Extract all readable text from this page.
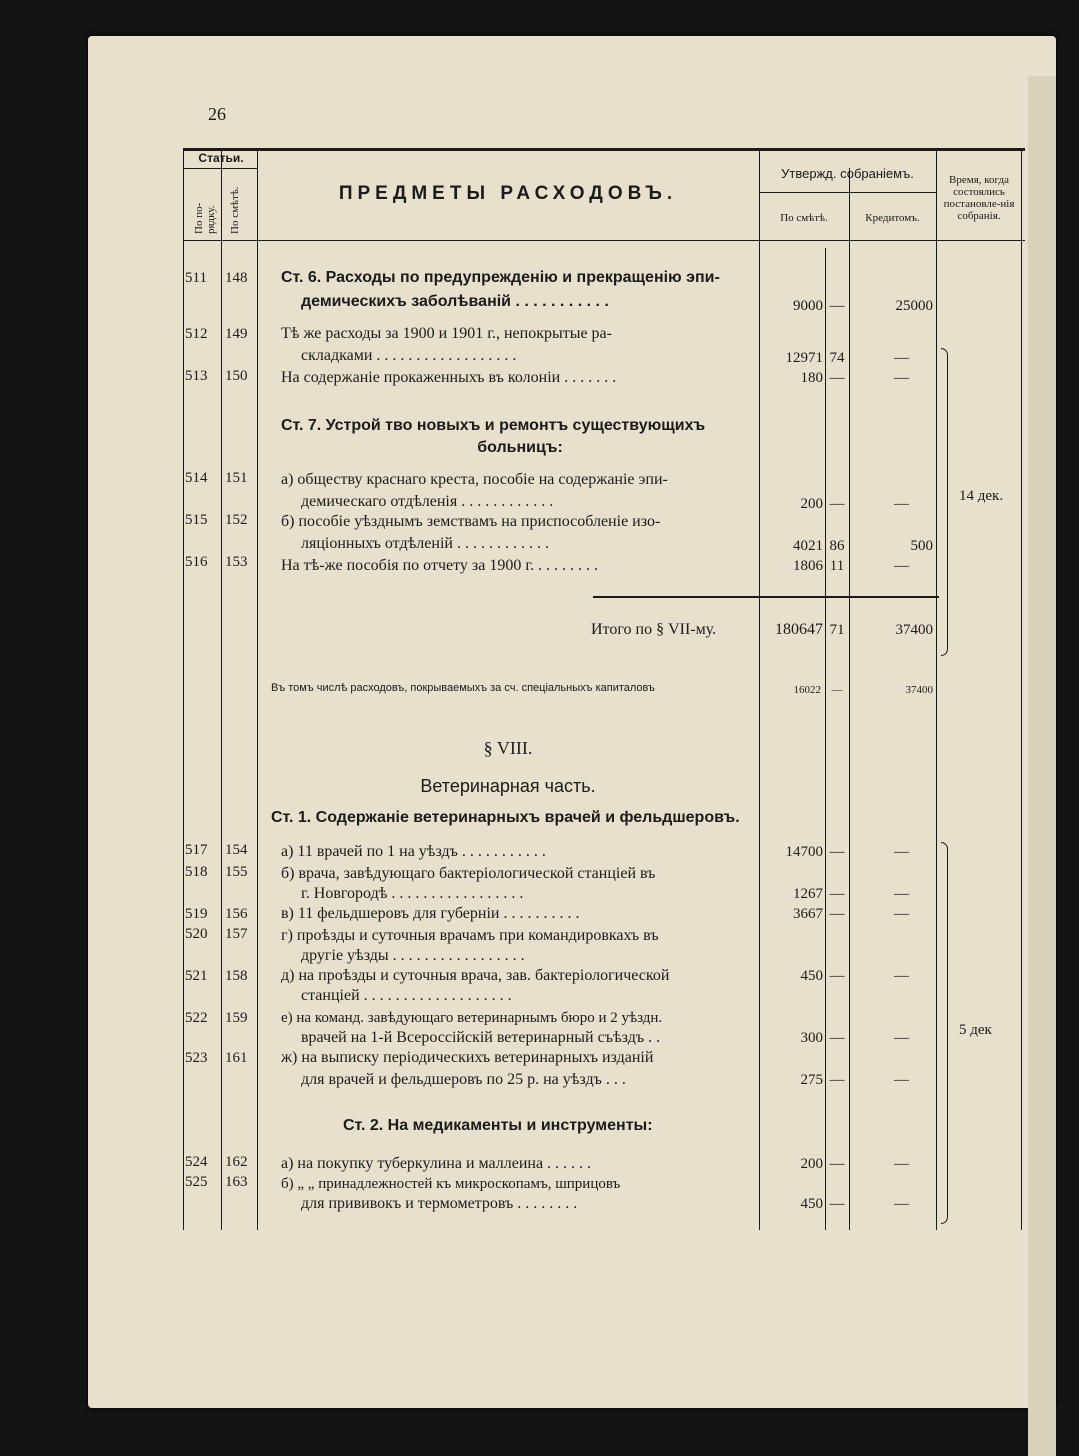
26
Статьи.
По по-рядку. По смѣтѣ.	ПРЕДМЕТЫ РАСХОДОВЪ.
Утвержд. собраніемъ.
По смѣтѣ.	Кредитомъ.
Время, когда состоялись постановле-нія собранія.
511 148 Ст. 6. Расходы по предупрежденію и прекращенію эпи-
демическихъ заболѣваній . . . . . . . . . . .	9000 —	25000
512 149 Тѣ же расходы за 1900 и 1901 г., непокрытые ра-
складками . . . . . . . . . . . . . . . . . .	12971 74	—
513 150 На содержаніе прокаженныхъ въ колоніи . . . . . . .	180 —	—
Ст. 7. Устрой тво новыхъ и ремонтъ существующихъ
больницъ:
514 151 а) обществу краснаго креста, пособіе на содержаніе эпи-
демическаго отдѣленія . . . . . . . . . . . .	200 —	—
515 152 б) пособіе уѣзднымъ земствамъ на приспособленіе изо-
ляціонныхъ отдѣленій . . . . . . . . . . . .	4021 86	500
516 153 На тѣ-же пособія по отчету за 1900 г. . . . . . . . .	1806 11	—
14 дек.
Итого по § VII-му.	180647 71	37400
Въ томъ числѣ расходовъ, покрываемыхъ за сч. спеціальныхъ капиталовъ	16022 —	37400
§ VIII.
Ветеринарная часть.
Ст. 1. Содержаніе ветеринарныхъ врачей и фельдшеровъ.
517 154 а) 11 врачей по 1 на уѣздъ . . . . . . . . . . .	14700 —	—
518 155 б) врача, завѣдующаго бактеріологической станціей въ
г. Новгородѣ . . . . . . . . . . . . . . . . .	1267 —	—
519 156 в) 11 фельдшеровъ для губерніи . . . . . . . . . .	3667 —	—
520 157 г) проѣзды и суточныя врачамъ при командировкахъ въ
другіе уѣзды . . . . . . . . . . . . . . . . .
521 158 д) на проѣзды и суточныя врача, зав. бактеріологической
станціей . . . . . . . . . . . . . . . . . . .
450 —	—
522 159 е) на команд. завѣдующаго ветеринарнымъ бюро и 2 уѣздн.
врачей на 1-й Всероссійскій ветеринарный съѣздъ . .	300 —	—
523 161 ж) на выписку періодическихъ ветеринарныхъ изданій
для врачей и фельдшеровъ по 25 р. на уѣздъ . . .	275 —	—
5 дек
Ст. 2. На медикаменты и инструменты:
524 162 а) на покупку туберкулина и маллеина . . . . . .	200 —	—
525 163 б) „ „ принадлежностей къ микроскопамъ, шприцовъ
для прививокъ и термометровъ . . . . . . . .	450 —	—
